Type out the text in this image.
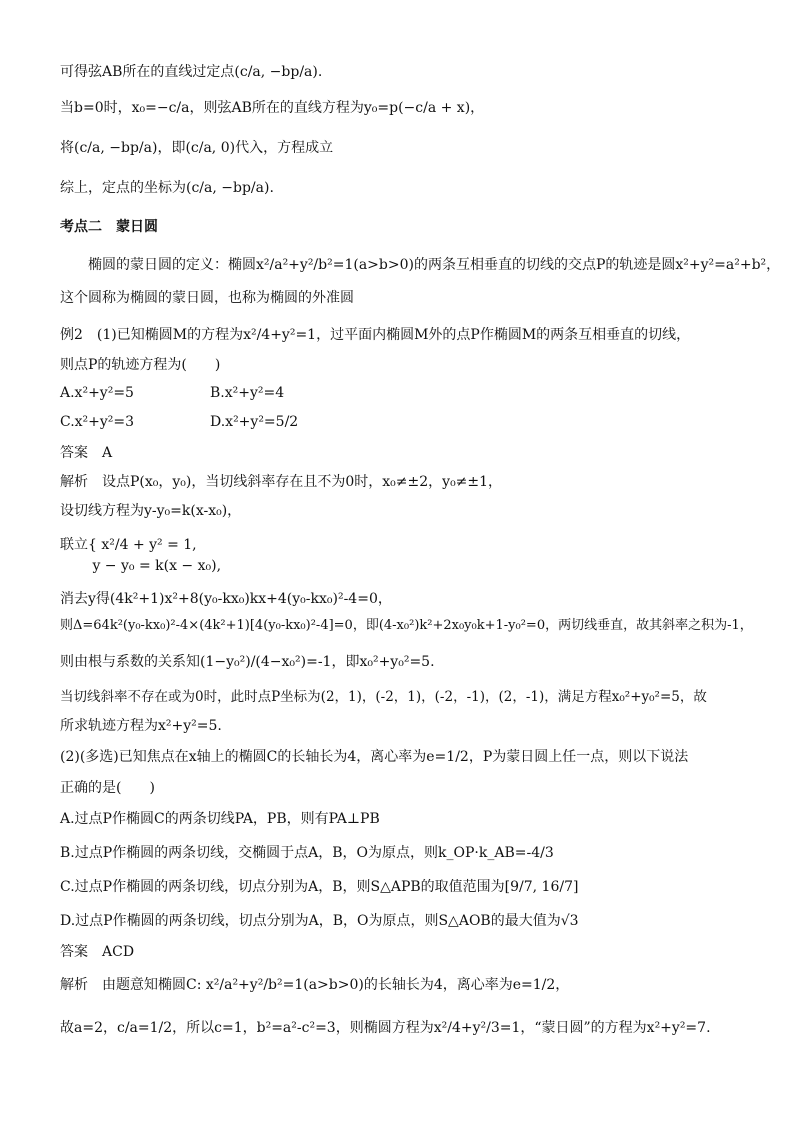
可得弦AB所在的直线过定点(c/a, −bp/a).
当b=0时，x₀=−c/a，则弦AB所在的直线方程为y₀=p(−c/a + x)，
将(c/a, −bp/a)，即(c/a, 0)代入，方程成立
综上，定点的坐标为(c/a, −bp/a).
考点二　蒙日圆
椭圆的蒙日圆的定义：椭圆x²/a²+y²/b²=1(a>b>0)的两条互相垂直的切线的交点P的轨迹是圆x²+y²=a²+b²，
这个圆称为椭圆的蒙日圆，也称为椭圆的外准圆
例2　(1)已知椭圆M的方程为x²/4+y²=1，过平面内椭圆M外的点P作椭圆M的两条互相垂直的切线，
则点P的轨迹方程为(　　)
A.x²+y²=5	B.x²+y²=4
C.x²+y²=3	D.x²+y²=5/2
答案　A
解析　设点P(x₀，y₀)，当切线斜率存在且不为0时，x₀≠±2，y₀≠±1，
设切线方程为y-y₀=k(x-x₀)，
联立{ x²/4 + y² = 1,
　　 y − y₀ = k(x − x₀),
消去y得(4k²+1)x²+8(y₀-kx₀)kx+4(y₀-kx₀)²-4=0，
则Δ=64k²(y₀-kx₀)²-4×(4k²+1)[4(y₀-kx₀)²-4]=0，即(4-x₀²)k²+2x₀y₀k+1-y₀²=0，两切线垂直，故其斜率之积为-1，
则由根与系数的关系知(1−y₀²)/(4−x₀²)=-1，即x₀²+y₀²=5.
当切线斜率不存在或为0时，此时点P坐标为(2，1)，(-2，1)，(-2，-1)，(2，-1)，满足方程x₀²+y₀²=5，故
所求轨迹方程为x²+y²=5.
(2)(多选)已知焦点在x轴上的椭圆C的长轴长为4，离心率为e=1/2，P为蒙日圆上任一点，则以下说法
正确的是(　　)
A.过点P作椭圆C的两条切线PA，PB，则有PA⊥PB
B.过点P作椭圆的两条切线，交椭圆于点A，B，O为原点，则k_OP·k_AB=-4/3
C.过点P作椭圆的两条切线，切点分别为A，B，则S△APB的取值范围为[9/7, 16/7]
D.过点P作椭圆的两条切线，切点分别为A，B，O为原点，则S△AOB的最大值为√3
答案　ACD
解析　由题意知椭圆C: x²/a²+y²/b²=1(a>b>0)的长轴长为4，离心率为e=1/2，
故a=2，c/a=1/2，所以c=1，b²=a²-c²=3，则椭圆方程为x²/4+y²/3=1，“蒙日圆”的方程为x²+y²=7.
